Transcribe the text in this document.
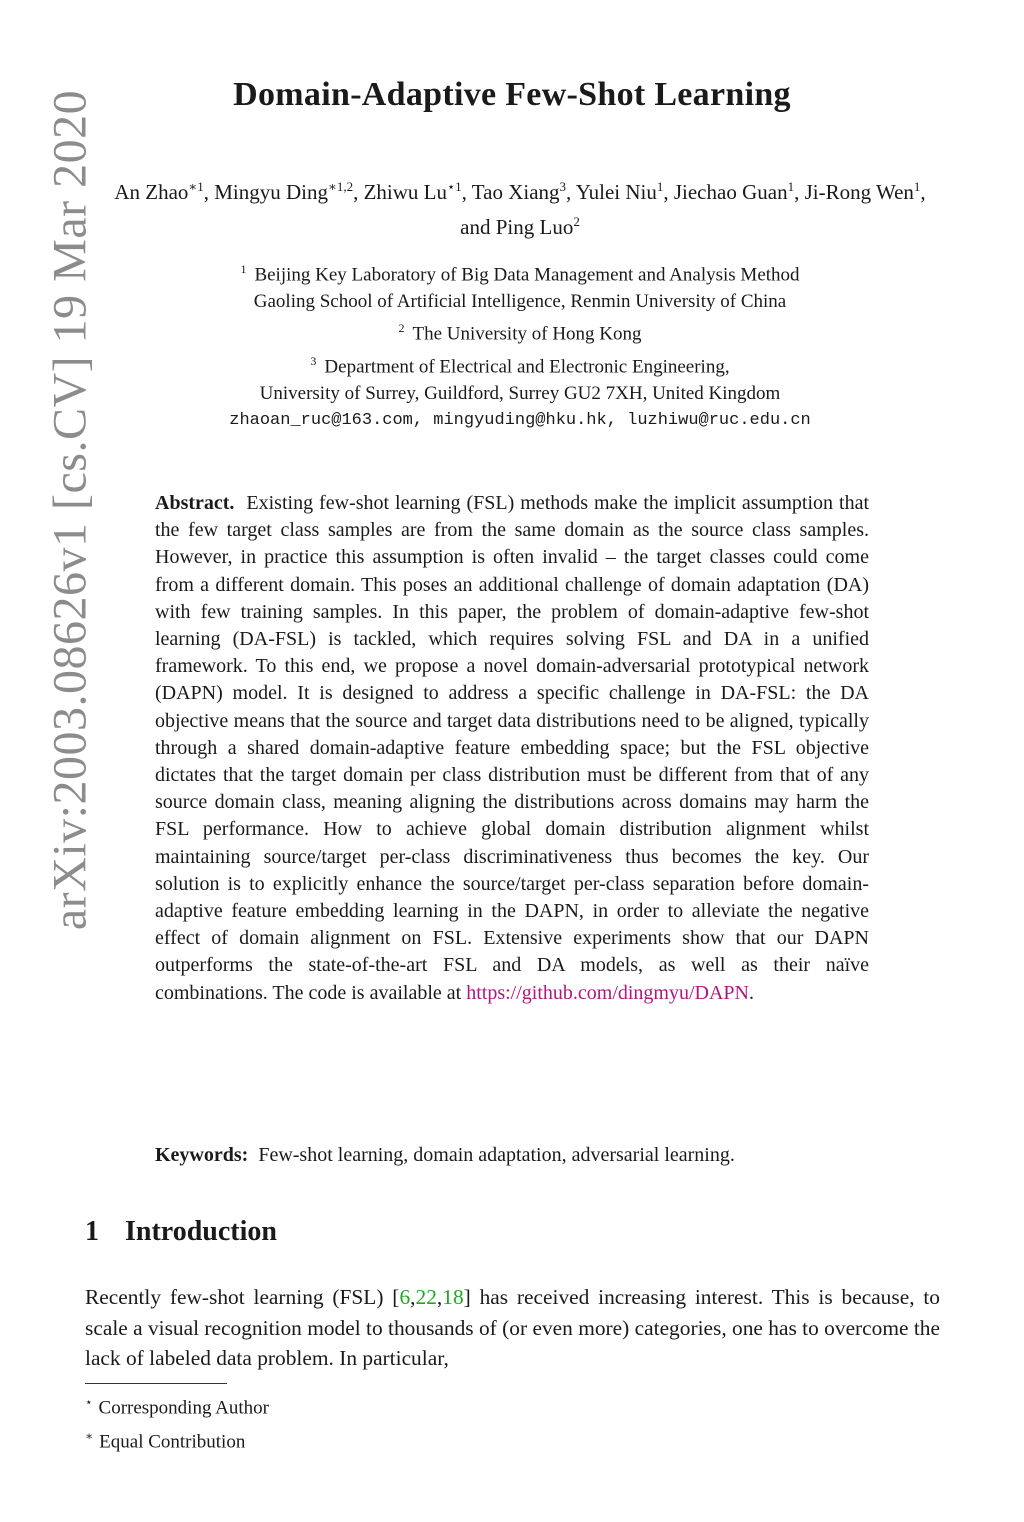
arXiv:2003.08626v1 [cs.CV] 19 Mar 2020	Domain-Adaptive Few-Shot Learning
An Zhao$^{∗1}$, Mingyu Ding$^{∗1,2}$, Zhiwu $Lu^{⋆1}$, Tao Xiang$^3$, Yulei Niu$^1$, Jiechao Guan$^1$, Ji-Rong Wen$^1$, and Ping Luo$^2$
$^1$ Beijing Key Laboratory of Big Data Management and Analysis Method
Gaoling School of Artificial Intelligence, Renmin University of China
$^2$ The University of Hong Kong
$^3$ Department of Electrical and Electronic Engineering,
University of Surrey, Guildford, Surrey GU2 7XH, United Kingdom
zhaoan_ruc@163.com, mingyuding@hku.hk, luzhiwu@ruc.edu.cn

Abstract. Existing few-shot learning (FSL) methods make the implicit assumption that the few target class samples are from the same domain as the source class samples. However, in practice this assumption is often invalid – the target classes could come from a different domain. This poses an additional challenge of domain adaptation (DA) with few training samples. In this paper, the problem of domain-adaptive few-shot learning (DA-FSL) is tackled, which requires solving FSL and DA in a unified framework. To this end, we propose a novel domain-adversarial prototypical network (DAPN) model. It is designed to address a specific challenge in DA-FSL: the DA objective means that the source and target data distributions need to be aligned, typically through a shared domain-adaptive feature embedding space; but the FSL objective dictates that the target domain per class distribution must be different from that of any source domain class, meaning aligning the distributions across domains may harm the FSL performance. How to achieve global domain distribution alignment whilst maintaining source/target per-class discriminativeness thus becomes the key. Our solution is to explicitly enhance the source/target per-class separation before domain-adaptive feature embedding learning in the DAPN, in order to alleviate the negative effect of domain alignment on FSL. Extensive experiments show that our DAPN outperforms the state-of-the-art FSL and DA models, as well as their naïve combinations. The code is available at https://github.com/dingmyu/DAPN.

Keywords: Few-shot learning, domain adaptation, adversarial learning.

1 Introduction

Recently few-shot learning (FSL) [6,22,18] has received increasing interest. This is because, to scale a visual recognition model to thousands of (or even more) categories, one has to overcome the lack of labeled data problem. In particular,

⋆ Corresponding Author
∗ Equal Contribution
